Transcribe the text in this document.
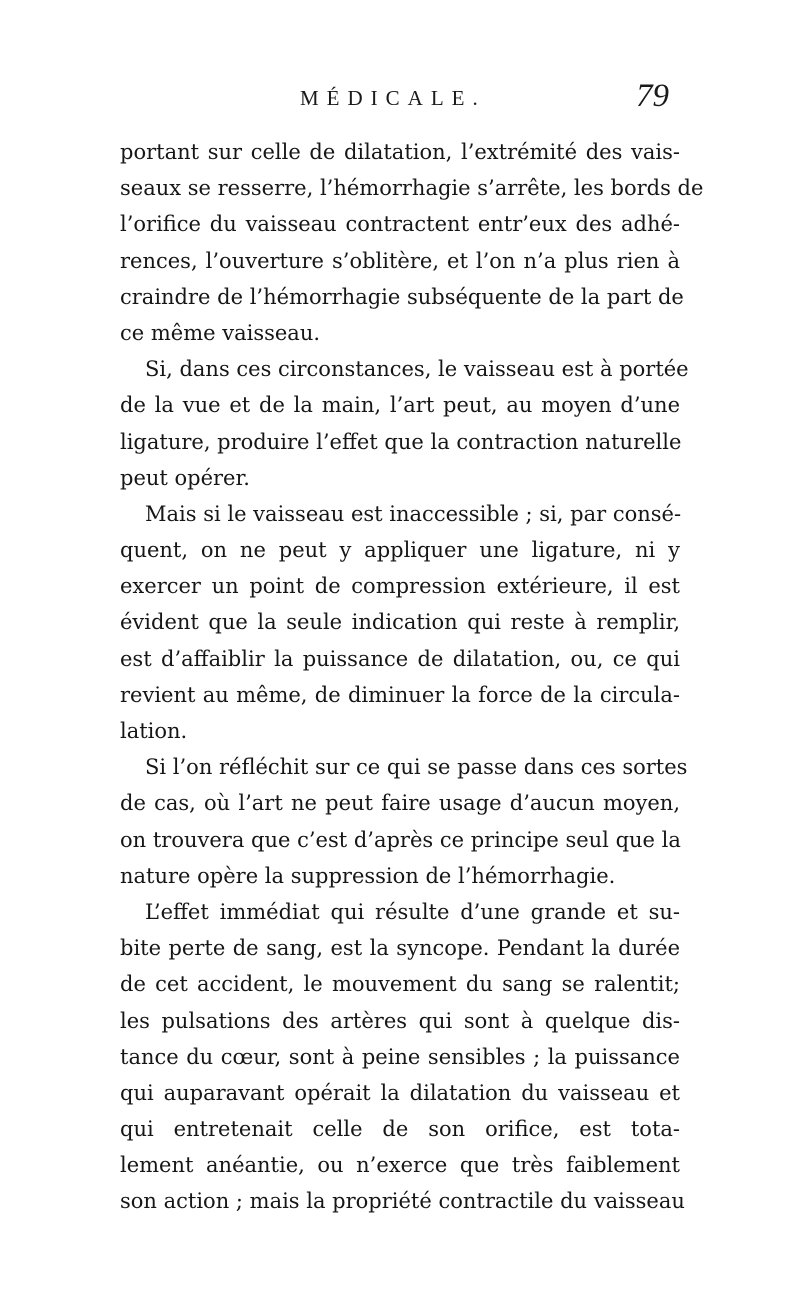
MÉDICALE.	79
portant sur celle de dilatation, l’extrémité des vais-
seaux se resserre, l’hémorrhagie s’arrête, les bords de
l’orifice du vaisseau contractent entr’eux des adhé-
rences, l’ouverture s’oblitère, et l’on n’a plus rien à
craindre de l’hémorrhagie subséquente de la part de
ce même vaisseau.
Si, dans ces circonstances, le vaisseau est à portée
de la vue et de la main, l’art peut, au moyen d’une
ligature, produire l’effet que la contraction naturelle
peut opérer.
Mais si le vaisseau est inaccessible ; si, par consé-
quent, on ne peut y appliquer une ligature, ni y
exercer un point de compression extérieure, il est
évident que la seule indication qui reste à remplir,
est d’affaiblir la puissance de dilatation, ou, ce qui
revient au même, de diminuer la force de la circula-
lation.
Si l’on réfléchit sur ce qui se passe dans ces sortes
de cas, où l’art ne peut faire usage d’aucun moyen,
on trouvera que c’est d’après ce principe seul que la
nature opère la suppression de l’hémorrhagie.
L’effet immédiat qui résulte d’une grande et su-
bite perte de sang, est la syncope. Pendant la durée
de cet accident, le mouvement du sang se ralentit;
les pulsations des artères qui sont à quelque dis-
tance du cœur, sont à peine sensibles ; la puissance
qui auparavant opérait la dilatation du vaisseau et
qui entretenait celle de son orifice, est tota-
lement anéantie, ou n’exerce que très faiblement
son action ; mais la propriété contractile du vaisseau
